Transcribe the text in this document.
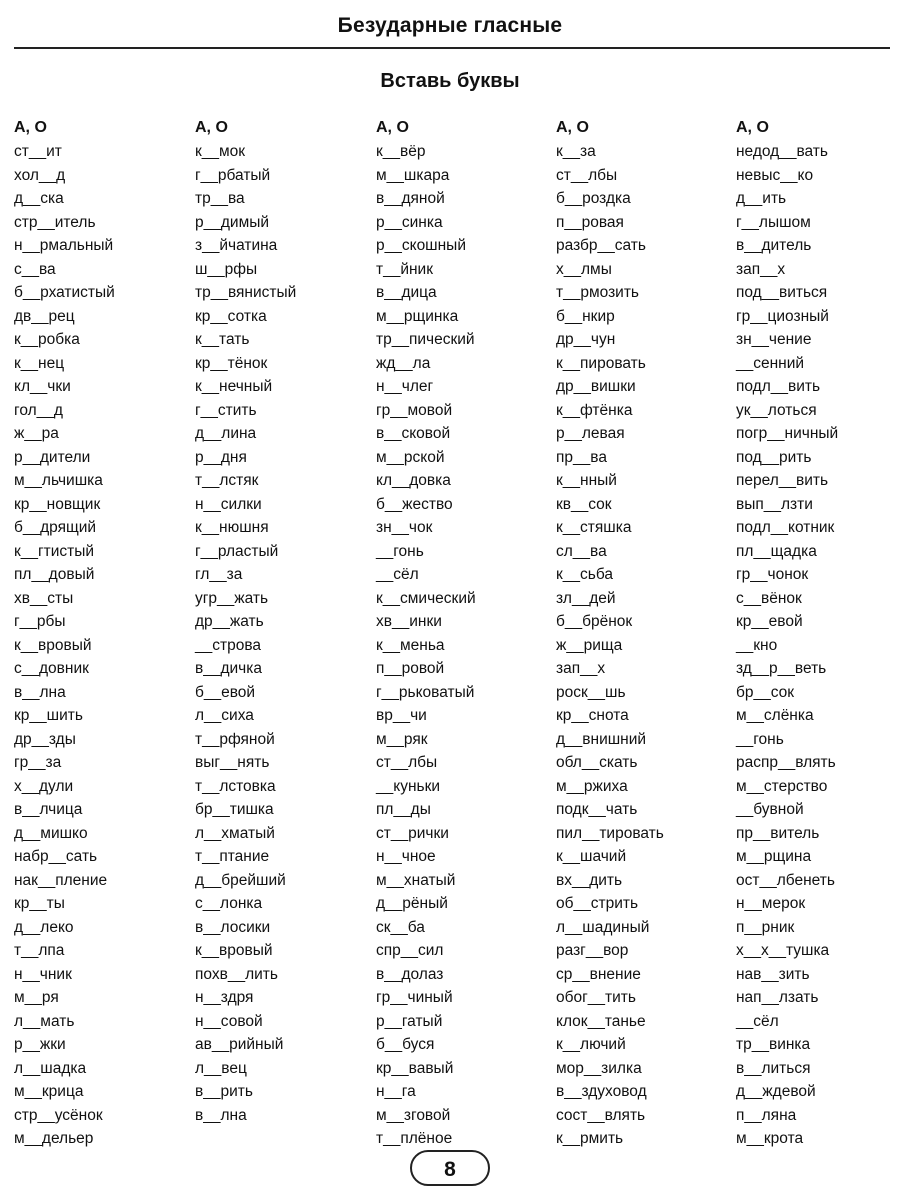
Безударные гласные
Вставь буквы
А, О
ст__ит
хол__д
д__ска
стр__итель
н__рмальный
с__ва
б__рхатистый
дв__рец
к__робка
к__нец
кл__чки
гол__д
ж__ра
р__дители
м__льчишка
кр__новщик
б__дрящий
к__гтистый
пл__довый
хв__сты
г__рбы
к__вровый
с__довник
в__лна
кр__шить
др__зды
гр__за
х__дули
в__лчица
д__мишко
набр__сать
нак__пление
кр__ты
д__леко
т__лпа
н__чник
м__ря
л__мать
р__жки
л__шадка
м__крица
стр__усёнок
м__дельер
А, О
к__мок
г__рбатый
тр__ва
р__димый
з__йчатина
ш__рфы
тр__вянистый
кр__сотка
к__тать
кр__тёнок
к__нечный
г__стить
д__лина
р__дня
т__лстяк
н__силки
к__нюшня
г__рластый
гл__за
угр__жать
др__жать
__строва
в__дичка
б__евой
л__сиха
т__рфяной
выг__нять
т__лстовка
бр__тишка
л__хматый
т__птание
д__брейший
с__лонка
в__лосики
к__вровый
похв__лить
н__здря
н__совой
ав__рийный
л__вец
в__рить
в__лна
А, О
к__вёр
м__шкара
в__дяной
р__синка
р__скошный
т__йник
в__дица
м__рщинка
тр__пический
жд__ла
н__члег
гр__мовой
в__сковой
м__рской
кл__довка
б__жество
зн__чок
__гонь
__сёл
к__смический
хв__инки
к__меньа
п__ровой
г__рьковатый
вр__чи
м__ряк
ст__лбы
__куньки
пл__ды
ст__рички
н__чное
м__хнатый
д__рёный
ск__ба
спр__сил
в__долаз
гр__чиный
р__гатый
б__буся
кр__вавый
н__га
м__зговой
т__плёное
А, О
к__за
ст__лбы
б__роздка
п__ровая
разбр__сать
х__лмы
т__рмозить
б__нкир
др__чун
к__пировать
др__вишки
к__фтёнка
р__левая
пр__ва
к__нный
кв__сок
к__стяшка
сл__ва
к__сьба
зл__дей
б__брёнок
ж__рища
зап__х
роск__шь
кр__снота
д__внишний
обл__скать
м__ржиха
подк__чать
пил__тировать
к__шачий
вх__дить
об__стрить
л__шадиный
разг__вор
ср__внение
обог__тить
клок__танье
к__лючий
мор__зилка
в__здуховод
сост__влять
к__рмить
А, О
недод__вать
невыс__ко
д__ить
г__лышом
в__дитель
зап__х
под__виться
гр__циозный
зн__чение
__сенний
подл__вить
ук__лоться
погр__ничный
под__рить
перел__вить
вып__лзти
подл__котник
пл__щадка
гр__чонок
с__вёнок
кр__евой
__кно
зд__р__веть
бр__сок
м__слёнка
__гонь
распр__влять
м__стерство
__бувной
пр__витель
м__рщина
ост__лбенеть
н__мерок
п__рник
х__х__тушка
нав__зить
нап__лзать
__сёл
тр__винка
в__литься
д__ждевой
п__ляна
м__крота
8
